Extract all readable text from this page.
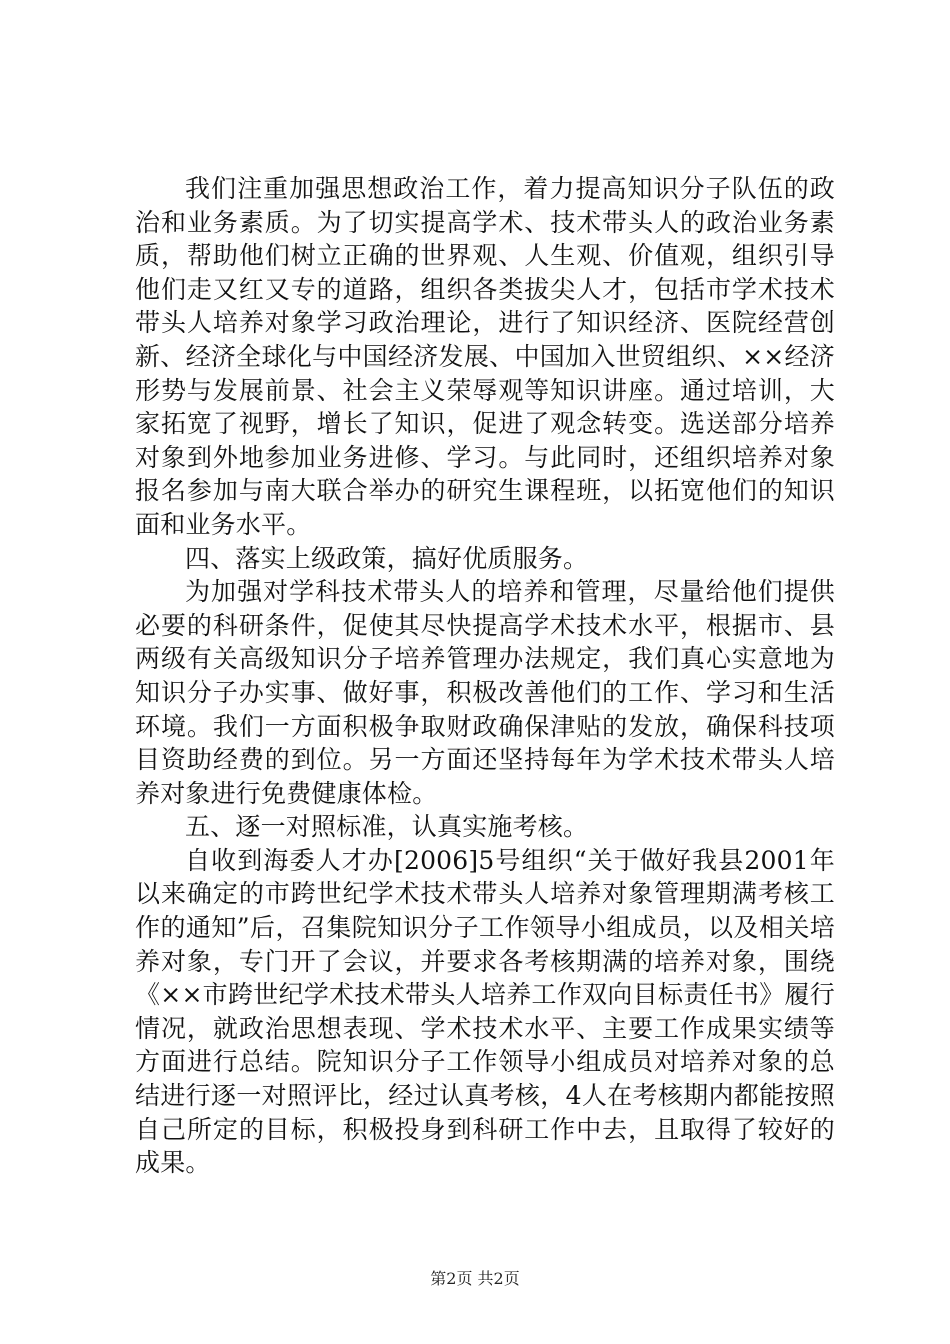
我们注重加强思想政治工作，着力提高知识分子队伍的政治和业务素质。为了切实提高学术、技术带头人的政治业务素质，帮助他们树立正确的世界观、人生观、价值观，组织引导他们走又红又专的道路，组织各类拔尖人才，包括市学术技术带头人培养对象学习政治理论，进行了知识经济、医院经营创新、经济全球化与中国经济发展、中国加入世贸组织、××经济形势与发展前景、社会主义荣辱观等知识讲座。通过培训，大家拓宽了视野，增长了知识，促进了观念转变。选送部分培养对象到外地参加业务进修、学习。与此同时，还组织培养对象报名参加与南大联合举办的研究生课程班，以拓宽他们的知识面和业务水平。

四、落实上级政策，搞好优质服务。

为加强对学科技术带头人的培养和管理，尽量给他们提供必要的科研条件，促使其尽快提高学术技术水平，根据市、县两级有关高级知识分子培养管理办法规定，我们真心实意地为知识分子办实事、做好事，积极改善他们的工作、学习和生活环境。我们一方面积极争取财政确保津贴的发放，确保科技项目资助经费的到位。另一方面还坚持每年为学术技术带头人培养对象进行免费健康体检。

五、逐一对照标准，认真实施考核。

自收到海委人才办[2006]5号组织“关于做好我县2001年以来确定的市跨世纪学术技术带头人培养对象管理期满考核工作的通知”后，召集院知识分子工作领导小组成员，以及相关培养对象，专门开了会议，并要求各考核期满的培养对象，围绕《××市跨世纪学术技术带头人培养工作双向目标责任书》履行情况，就政治思想表现、学术技术水平、主要工作成果实绩等方面进行总结。院知识分子工作领导小组成员对培养对象的总结进行逐一对照评比，经过认真考核，4人在考核期内都能按照自己所定的目标，积极投身到科研工作中去，且取得了较好的成果。

第2页 共2页
